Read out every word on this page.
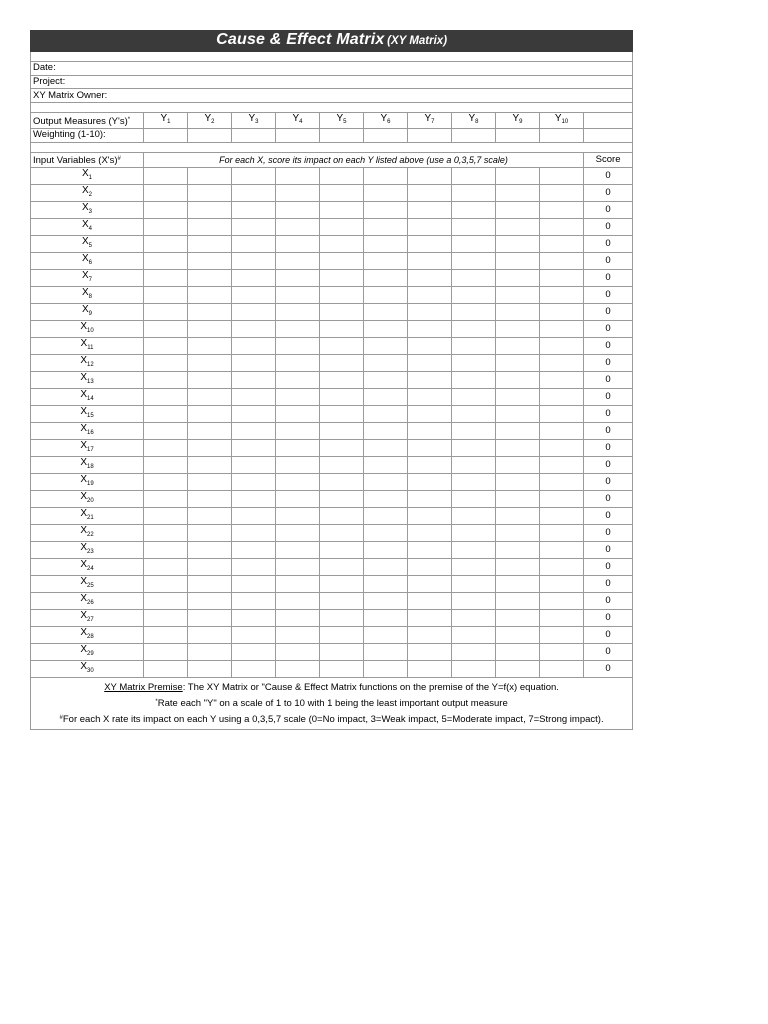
Cause & Effect Matrix (XY Matrix)											

Date:											
Project:											
XY Matrix Owner:											

Output Measures (Y's)*	$Y_1$	$Y_2$	$Y_3$	$Y_4$	$Y_5$	$Y_6$	$Y_7$	$Y_8$	$Y_9$	$Y_{10}$	
Weighting (1-10):											

Input Variables (X's)#	For each X, score its impact on each Y listed above (use a 0,3,5,7 scale)										Score
$X_1$											0
$X_2$											0
$X_3$											0
$X_4$											0
$X_5$											0
$X_6$											0
$X_7$											0
$X_8$											0
$X_9$											0
$X_{10}$											0
$X_{11}$											0
$X_{12}$											0
$X_{13}$											0
$X_{14}$											0
$X_{15}$											0
$X_{16}$											0
$X_{17}$											0
$X_{18}$											0
$X_{19}$											0
$X_{20}$											0
$X_{21}$											0
$X_{22}$											0
$X_{23}$											0
$X_{24}$											0
$X_{25}$											0
$X_{26}$											0
$X_{27}$											0
$X_{28}$											0
$X_{29}$											0
$X_{30}$											0

XY Matrix Premise: The XY Matrix or "Cause & Effect Matrix functions on the premise of the Y=f(x) equation.
*Rate each "Y" on a scale of 1 to 10 with 1 being the least important output measure
#For each X rate its impact on each Y using a 0,3,5,7 scale (0=No impact, 3=Weak impact, 5=Moderate impact, 7=Strong impact).											
